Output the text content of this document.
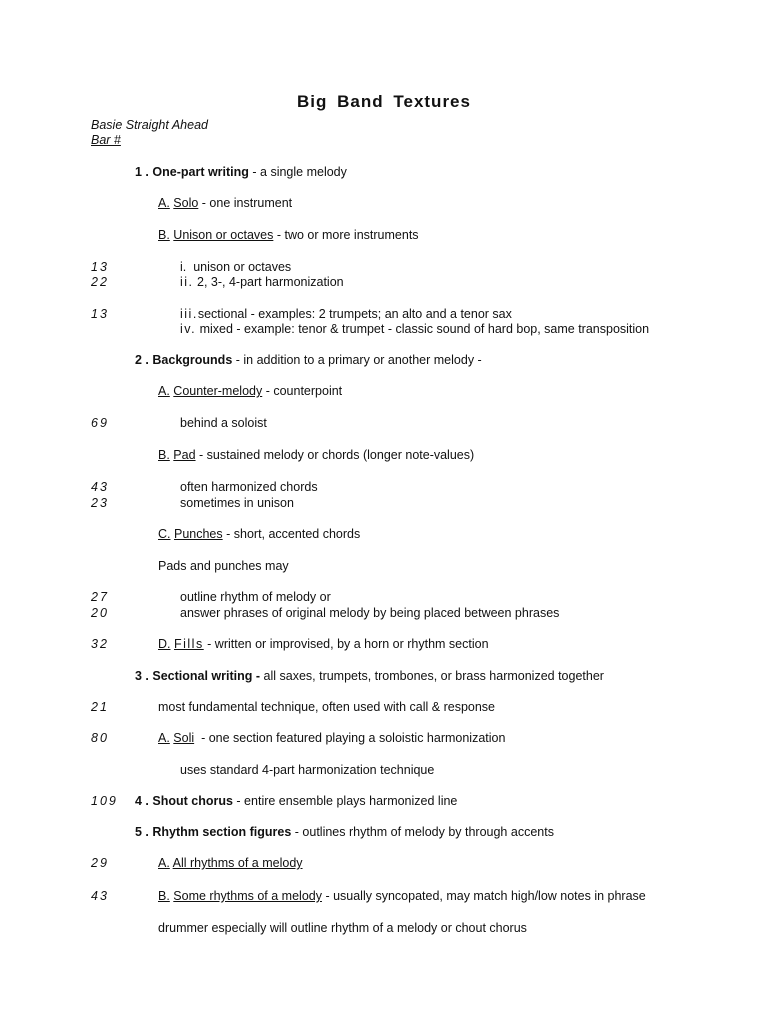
Big Band Textures
Basie Straight Ahead
Bar #
1 . One-part writing - a single melody
A. Solo - one instrument
B. Unison or octaves - two or more instruments
13	i. unison or octaves
22	ii. 2, 3-, 4-part harmonization
13	iii.sectional - examples: 2 trumpets; an alto and a tenor sax
iv. mixed - example: tenor & trumpet - classic sound of hard bop, same transposition
2 . Backgrounds - in addition to a primary or another melody -
A. Counter-melody - counterpoint
69	behind a soloist
B. Pad - sustained melody or chords (longer note-values)
43	often harmonized chords
23	sometimes in unison
C. Punches - short, accented chords
Pads and punches may
27	outline rhythm of melody or
20	answer phrases of original melody by being placed between phrases
32	D. Fills - written or improvised, by a horn or rhythm section
3 . Sectional writing - all saxes, trumpets, trombones, or brass harmonized together
21	most fundamental technique, often used with call & response
80	A. Soli  - one section featured playing a soloistic harmonization
uses standard 4-part harmonization technique
109 4 . Shout chorus - entire ensemble plays harmonized line
5 . Rhythm section figures - outlines rhythm of melody by through accents
29	A. All rhythms of a melody
43	B. Some rhythms of a melody - usually syncopated, may match high/low notes in phrase
drummer especially will outline rhythm of a melody or chout chorus
